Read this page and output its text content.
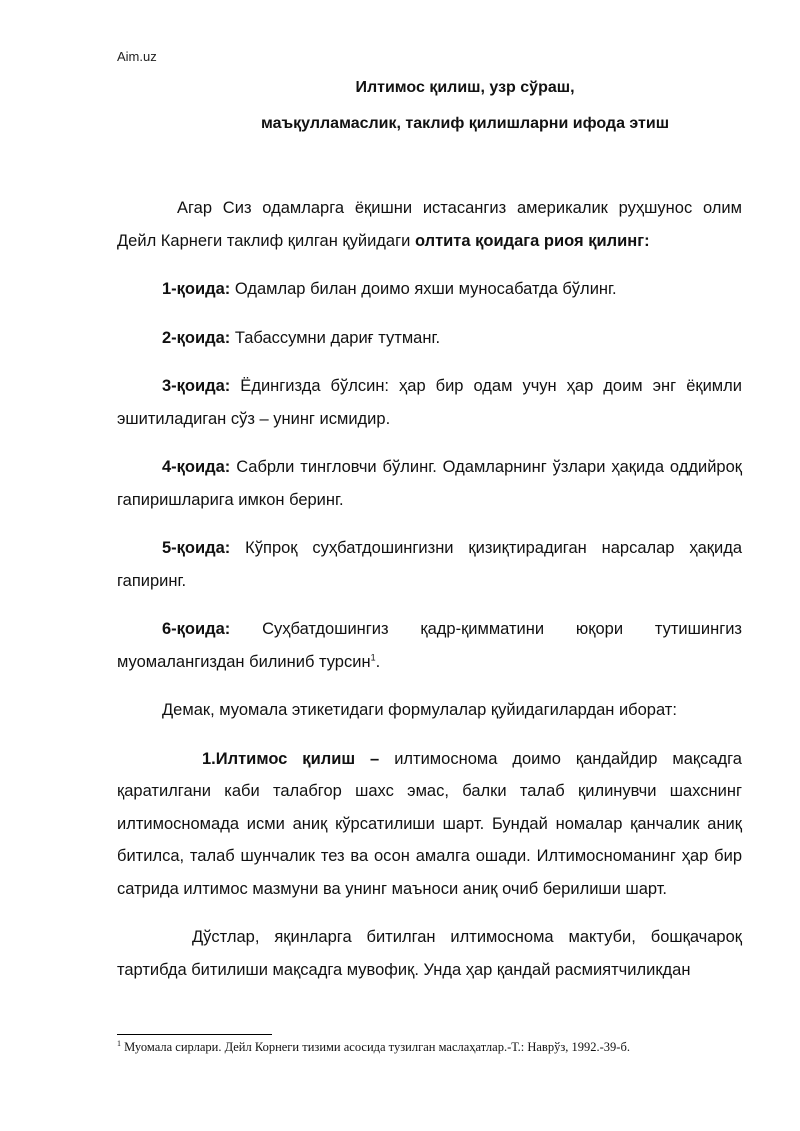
Aim.uz
Илтимос қилиш, узр сўраш,
маъқулламаслик, таклиф қилишларни ифода этиш

Агар Сиз одамларга ёқишни истасангиз америкалик руҳшунос олим Дейл Карнеги таклиф қилган қуйидаги олтита қоидага риоя қилинг:

1-қоида: Одамлар билан доимо яхши муносабатда бўлинг.

2-қоида: Табассумни дариғ тутманг.

3-қоида: Ёдингизда бўлсин: ҳар бир одам учун ҳар доим энг ёқимли эшитиладиган сўз – унинг исмидир.

4-қоида: Сабрли тингловчи бўлинг. Одамларнинг ўзлари ҳақида оддийроқ гапиришларига имкон беринг.

5-қоида: Кўпроқ суҳбатдошингизни қизиқтирадиган нарсалар ҳақида гапиринг.

6-қоида: Суҳбатдошингиз қадр-қимматини юқори тутишингиз муомалангиздан билиниб турсин$^1$.

Демак, муомала этикетидаги формулалар қуйидагилардан иборат:

1.Илтимос қилиш – илтимоснома доимо қандайдир мақсадга қаратилгани каби талабгор шахс эмас, балки талаб қилинувчи шахснинг илтимосномада исми аниқ кўрсатилиши шарт. Бундай номалар қанчалик аниқ битилса, талаб шунчалик тез ва осон амалга ошади. Илтимосноманинг ҳар бир сатрида илтимос мазмуни ва унинг маъноси аниқ очиб берилиши шарт.

Дўстлар, яқинларга битилган илтимоснома мактуби, бошқачароқ тартибда битилиши мақсадга мувофиқ. Унда ҳар қандай расмиятчиликдан

$^1$ Муомала сирлари. Дейл Корнеги тизими асосида тузилган маслаҳатлар.-Т.: Наврўз, 1992.-39-б.
